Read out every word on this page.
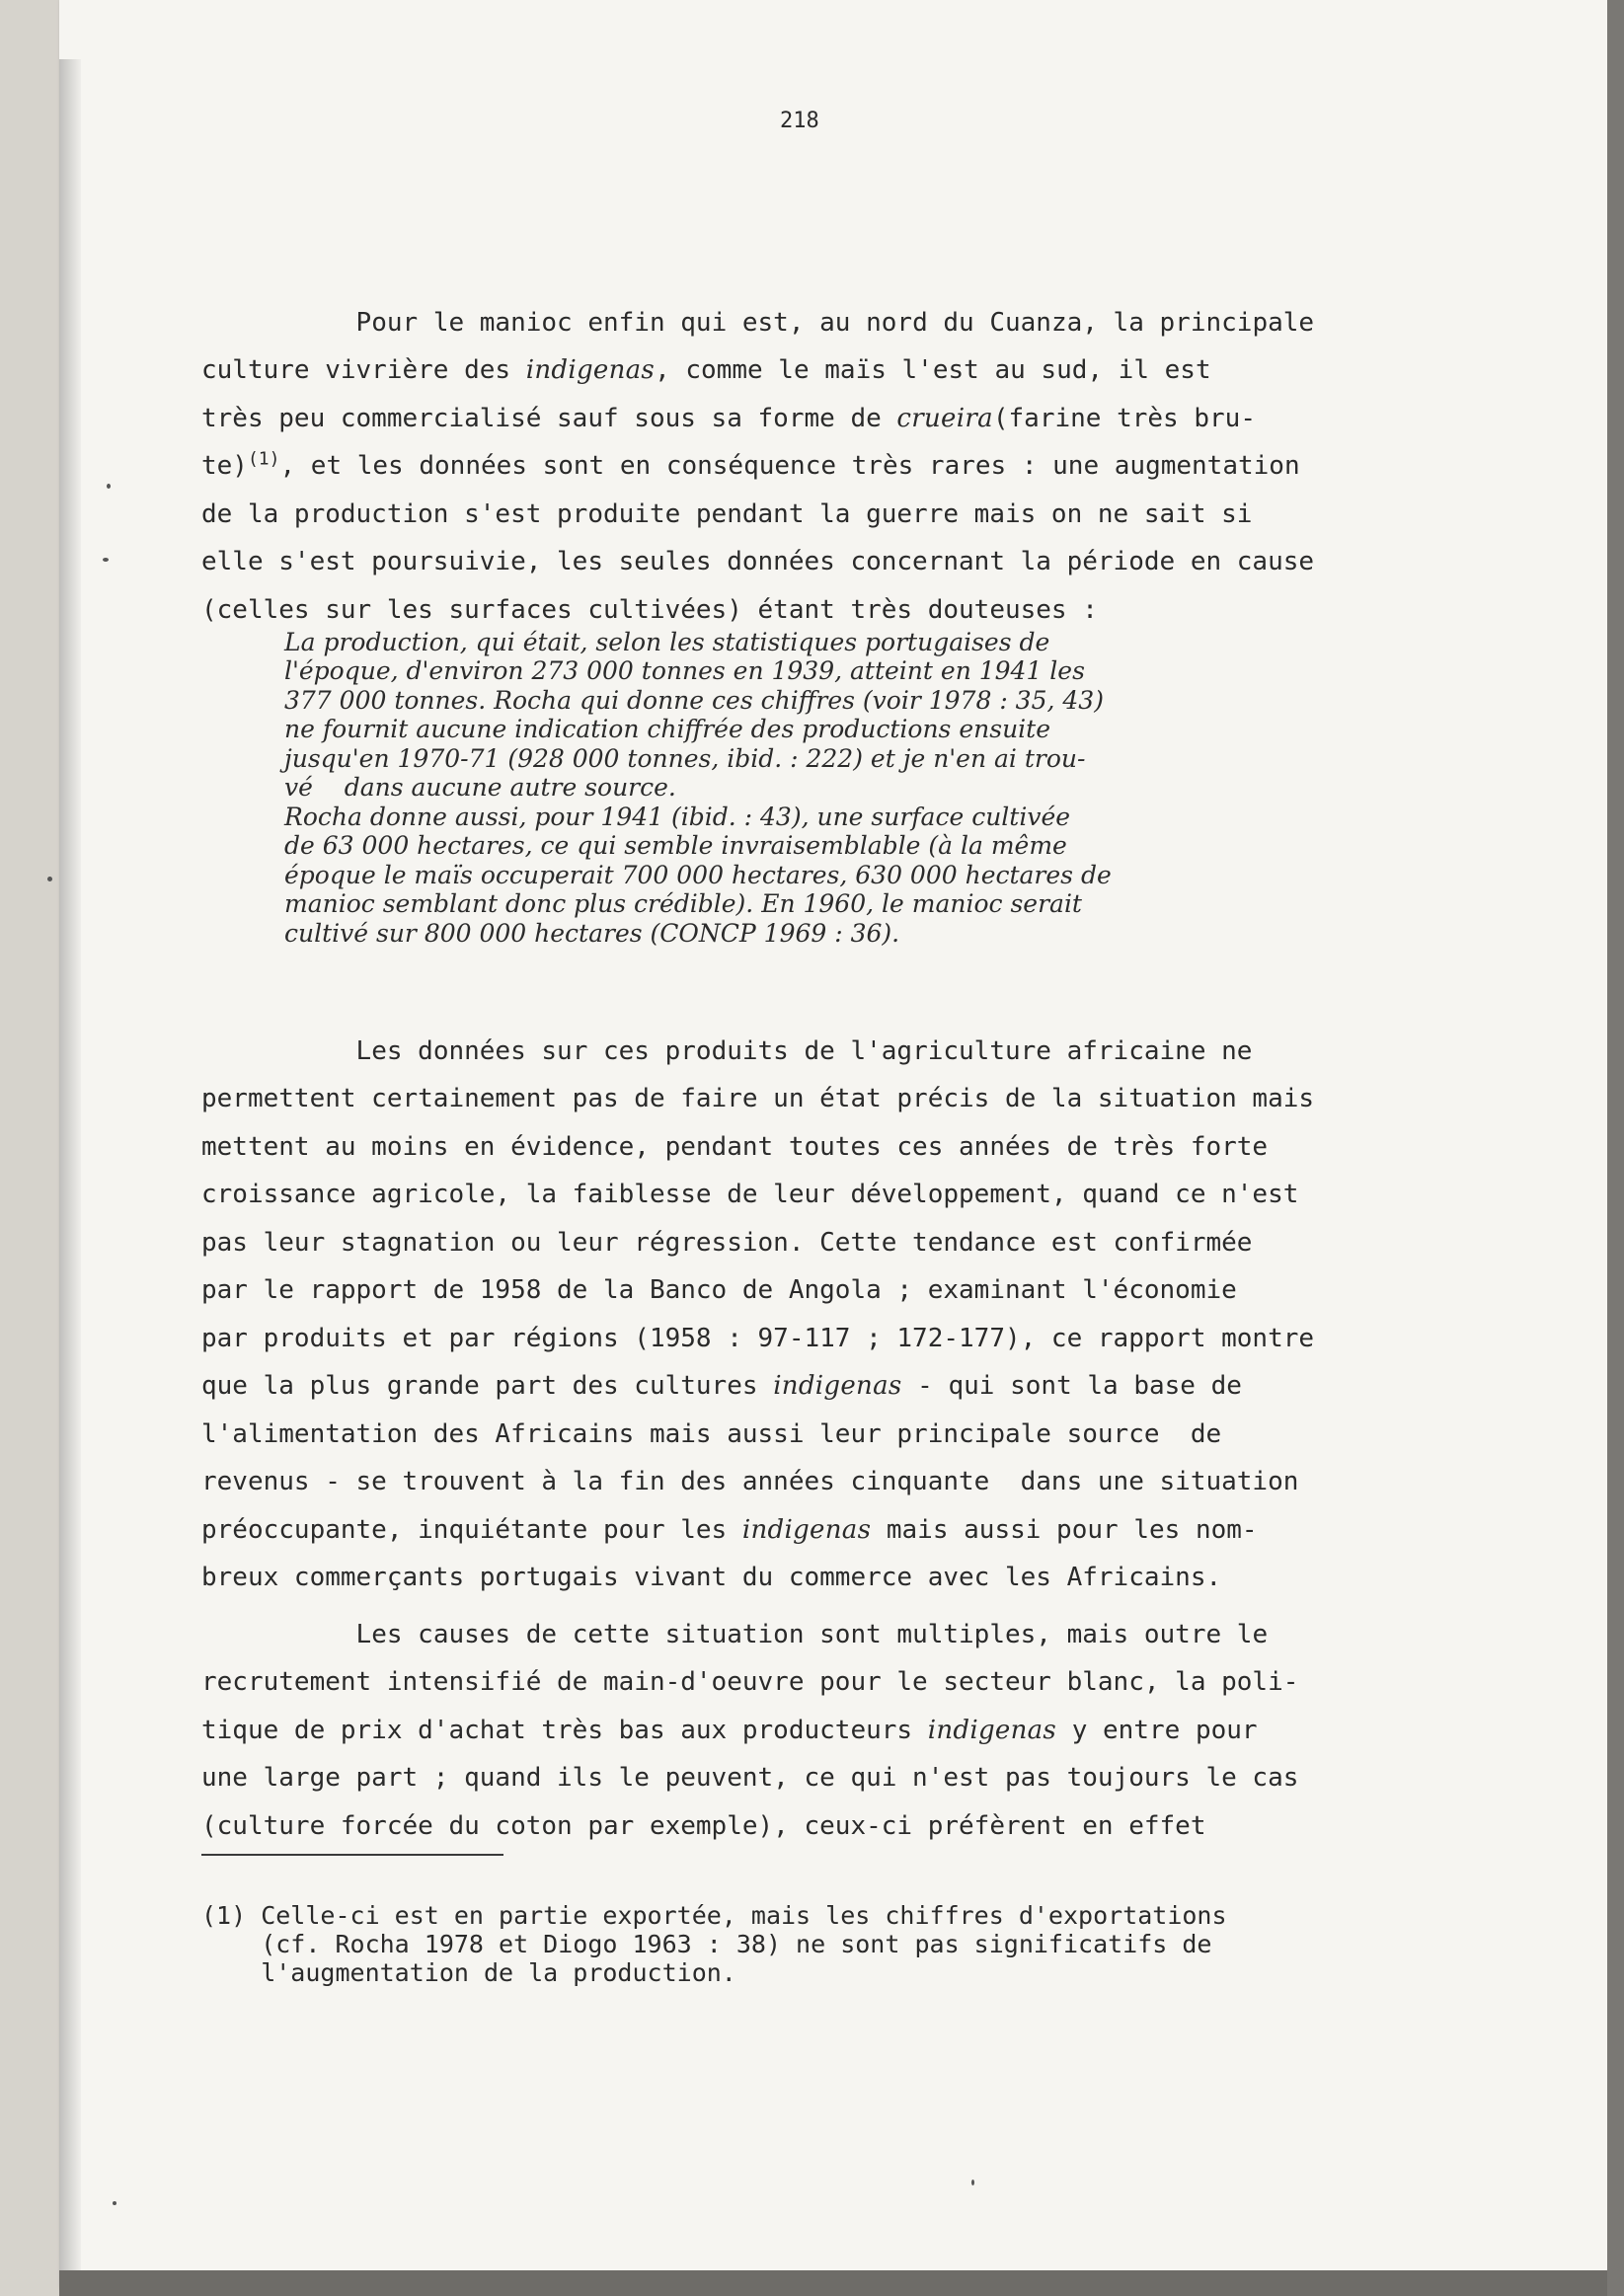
218

Pour le manioc enfin qui est, au nord du Cuanza, la principale
culture vivrière des indigenas, comme le maïs l'est au sud, il est
très peu commercialisé sauf sous sa forme de crueira(farine très bru-
te)$^{(1)}$, et les données sont en conséquence très rares : une augmentation
de la production s'est produite pendant la guerre mais on ne sait si
elle s'est poursuivie, les seules données concernant la période en cause
(celles sur les surfaces cultivées) étant très douteuses :

La production, qui était, selon les statistiques portugaises de
l'époque, d'environ 273 000 tonnes en 1939, atteint en 1941 les
377 000 tonnes. Rocha qui donne ces chiffres (voir 1978 : 35, 43)
ne fournit aucune indication chiffrée des productions ensuite
jusqu'en 1970-71 (928 000 tonnes, ibid. : 222) et je n'en ai trou-
vé    dans aucune autre source.
Rocha donne aussi, pour 1941 (ibid. : 43), une surface cultivée
de 63 000 hectares, ce qui semble invraisemblable (à la même
époque le maïs occuperait 700 000 hectares, 630 000 hectares de
manioc semblant donc plus crédible). En 1960, le manioc serait
cultivé sur 800 000 hectares (CONCP 1969 : 36).

Les données sur ces produits de l'agriculture africaine ne
permettent certainement pas de faire un état précis de la situation mais
mettent au moins en évidence, pendant toutes ces années de très forte
croissance agricole, la faiblesse de leur développement, quand ce n'est
pas leur stagnation ou leur régression. Cette tendance est confirmée
par le rapport de 1958 de la Banco de Angola ; examinant l'économie
par produits et par régions (1958 : 97-117 ; 172-177), ce rapport montre
que la plus grande part des cultures indigenas - qui sont la base de
l'alimentation des Africains mais aussi leur principale source  de
revenus - se trouvent à la fin des années cinquante  dans une situation
préoccupante, inquiétante pour les indigenas mais aussi pour les nom-
breux commerçants portugais vivant du commerce avec les Africains.

Les causes de cette situation sont multiples, mais outre le
recrutement intensifié de main-d'oeuvre pour le secteur blanc, la poli-
tique de prix d'achat très bas aux producteurs indigenas y entre pour
une large part ; quand ils le peuvent, ce qui n'est pas toujours le cas
(culture forcée du coton par exemple), ceux-ci préfèrent en effet

(1) Celle-ci est en partie exportée, mais les chiffres d'exportations
(cf. Rocha 1978 et Diogo 1963 : 38) ne sont pas significatifs de
l'augmentation de la production.
